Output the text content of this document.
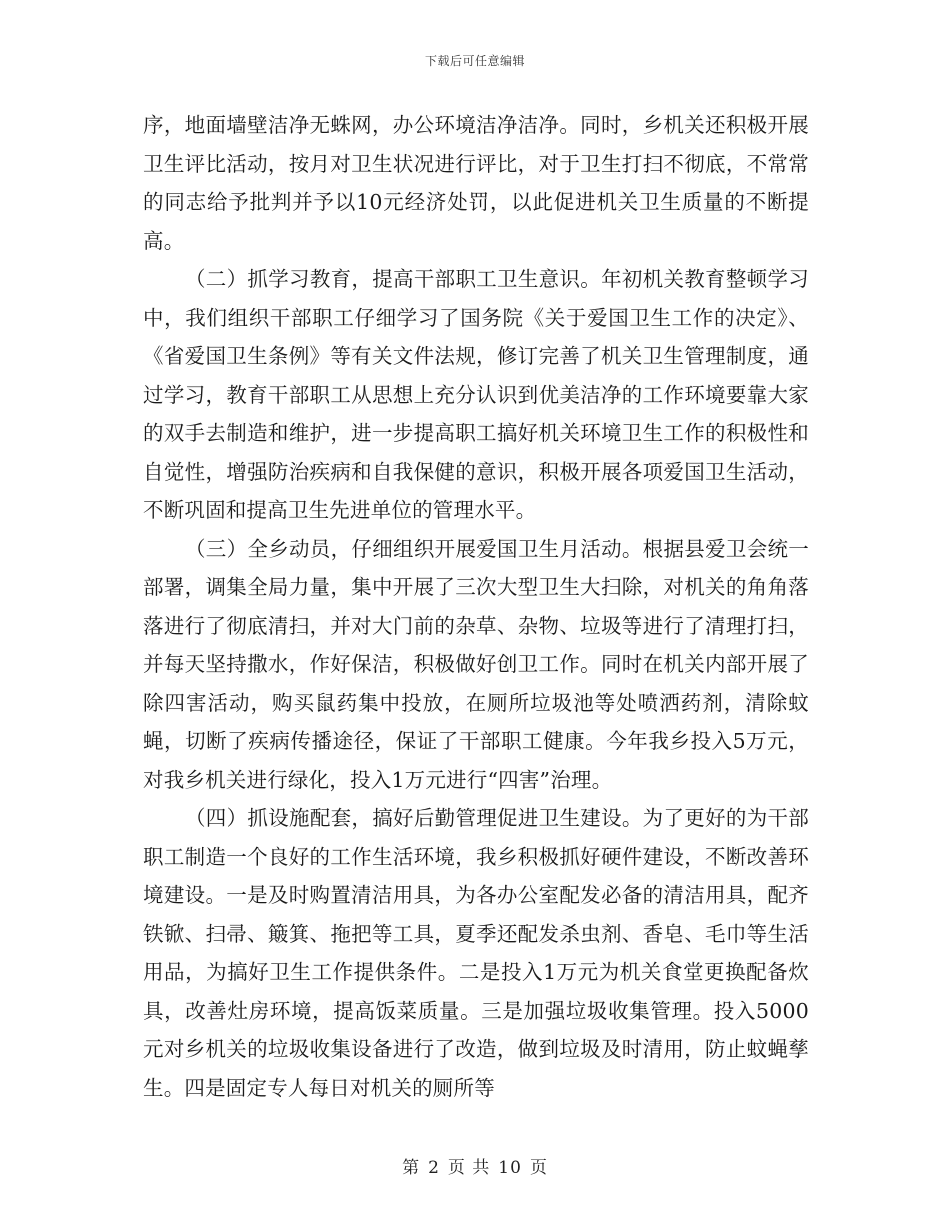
下载后可任意编辑

序，地面墙壁洁净无蛛网，办公环境洁净洁净。同时，乡机关还积极开展卫生评比活动，按月对卫生状况进行评比，对于卫生打扫不彻底，不常常的同志给予批判并予以10元经济处罚，以此促进机关卫生质量的不断提高。

（二）抓学习教育，提高干部职工卫生意识。年初机关教育整顿学习中，我们组织干部职工仔细学习了国务院《关于爱国卫生工作的决定》、《省爱国卫生条例》等有关文件法规，修订完善了机关卫生管理制度，通过学习，教育干部职工从思想上充分认识到优美洁净的工作环境要靠大家的双手去制造和维护，进一步提高职工搞好机关环境卫生工作的积极性和自觉性，增强防治疾病和自我保健的意识，积极开展各项爱国卫生活动，不断巩固和提高卫生先进单位的管理水平。

（三）全乡动员，仔细组织开展爱国卫生月活动。根据县爱卫会统一部署，调集全局力量，集中开展了三次大型卫生大扫除，对机关的角角落落进行了彻底清扫，并对大门前的杂草、杂物、垃圾等进行了清理打扫，并每天坚持撒水，作好保洁，积极做好创卫工作。同时在机关内部开展了除四害活动，购买鼠药集中投放，在厕所垃圾池等处喷洒药剂，清除蚊蝇，切断了疾病传播途径，保证了干部职工健康。今年我乡投入5万元，对我乡机关进行绿化，投入1万元进行“四害”治理。

（四）抓设施配套，搞好后勤管理促进卫生建设。为了更好的为干部职工制造一个良好的工作生活环境，我乡积极抓好硬件建设，不断改善环境建设。一是及时购置清洁用具，为各办公室配发必备的清洁用具，配齐铁锨、扫帚、簸箕、拖把等工具，夏季还配发杀虫剂、香皂、毛巾等生活用品，为搞好卫生工作提供条件。二是投入1万元为机关食堂更换配备炊具，改善灶房环境，提高饭菜质量。三是加强垃圾收集管理。投入5000元对乡机关的垃圾收集设备进行了改造，做到垃圾及时清用，防止蚊蝇孳生。四是固定专人每日对机关的厕所等

第 2 页 共 10 页
